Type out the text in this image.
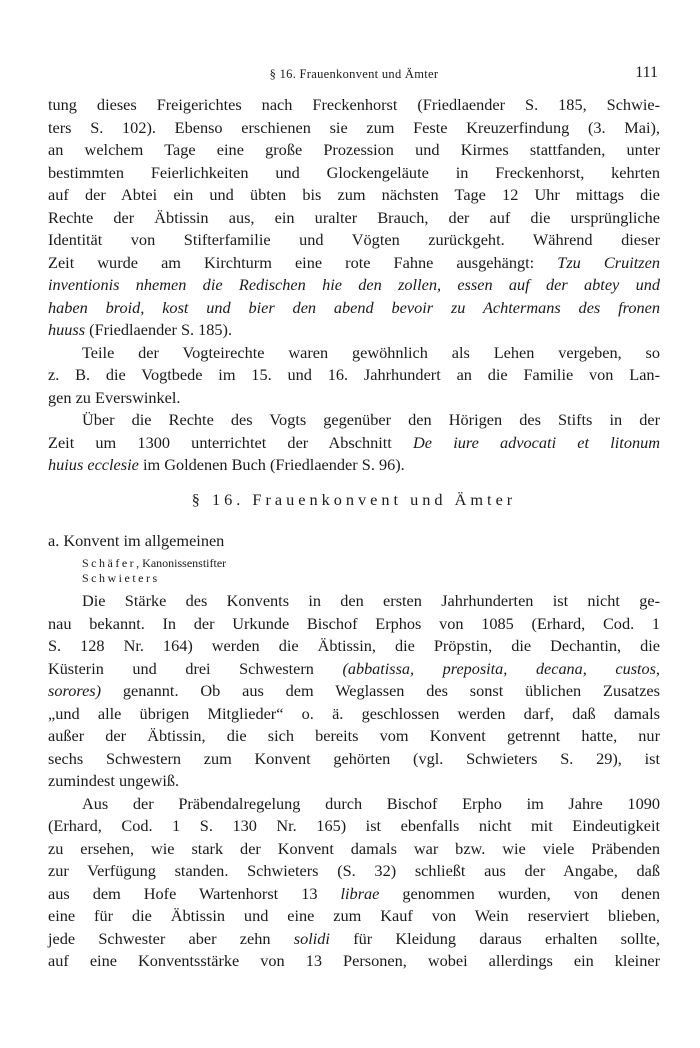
§ 16. Frauenkonvent und Ämter	111
tung dieses Freigerichtes nach Freckenhorst (Friedlaender S. 185, Schwie-
ters S. 102). Ebenso erschienen sie zum Feste Kreuzerfindung (3. Mai),
an welchem Tage eine große Prozession und Kirmes stattfanden, unter
bestimmten Feierlichkeiten und Glockengeläute in Freckenhorst, kehrten
auf der Abtei ein und übten bis zum nächsten Tage 12 Uhr mittags die
Rechte der Äbtissin aus, ein uralter Brauch, der auf die ursprüngliche
Identität von Stifterfamilie und Vögten zurückgeht. Während dieser
Zeit wurde am Kirchturm eine rote Fahne ausgehängt: Tzu Cruitzen
inventionis nhemen die Redischen hie den zollen, essen auf der abtey und
haben broid, kost und bier den abend bevoir zu Achtermans des fronen
huuss (Friedlaender S. 185).
Teile der Vogteirechte waren gewöhnlich als Lehen vergeben, so
z. B. die Vogtbede im 15. und 16. Jahrhundert an die Familie von Lan-
gen zu Everswinkel.
Über die Rechte des Vogts gegenüber den Hörigen des Stifts in der
Zeit um 1300 unterrichtet der Abschnitt De iure advocati et litonum
huius ecclesie im Goldenen Buch (Friedlaender S. 96).
§ 16. Frauenkonvent und Ämter
a. Konvent im allgemeinen
Schäfer, Kanonissenstifter
Schwieters
Die Stärke des Konvents in den ersten Jahrhunderten ist nicht ge-
nau bekannt. In der Urkunde Bischof Erphos von 1085 (Erhard, Cod. 1
S. 128 Nr. 164) werden die Äbtissin, die Pröpstin, die Dechantin, die
Küsterin und drei Schwestern (abbatissa, preposita, decana, custos,
sorores) genannt. Ob aus dem Weglassen des sonst üblichen Zusatzes
„und alle übrigen Mitglieder“ o. ä. geschlossen werden darf, daß damals
außer der Äbtissin, die sich bereits vom Konvent getrennt hatte, nur
sechs Schwestern zum Konvent gehörten (vgl. Schwieters S. 29), ist
zumindest ungewiß.
Aus der Präbendalregelung durch Bischof Erpho im Jahre 1090
(Erhard, Cod. 1 S. 130 Nr. 165) ist ebenfalls nicht mit Eindeutigkeit
zu ersehen, wie stark der Konvent damals war bzw. wie viele Präbenden
zur Verfügung standen. Schwieters (S. 32) schließt aus der Angabe, daß
aus dem Hofe Wartenhorst 13 librae genommen wurden, von denen
eine für die Äbtissin und eine zum Kauf von Wein reserviert blieben,
jede Schwester aber zehn solidi für Kleidung daraus erhalten sollte,
auf eine Konventsstärke von 13 Personen, wobei allerdings ein kleiner
